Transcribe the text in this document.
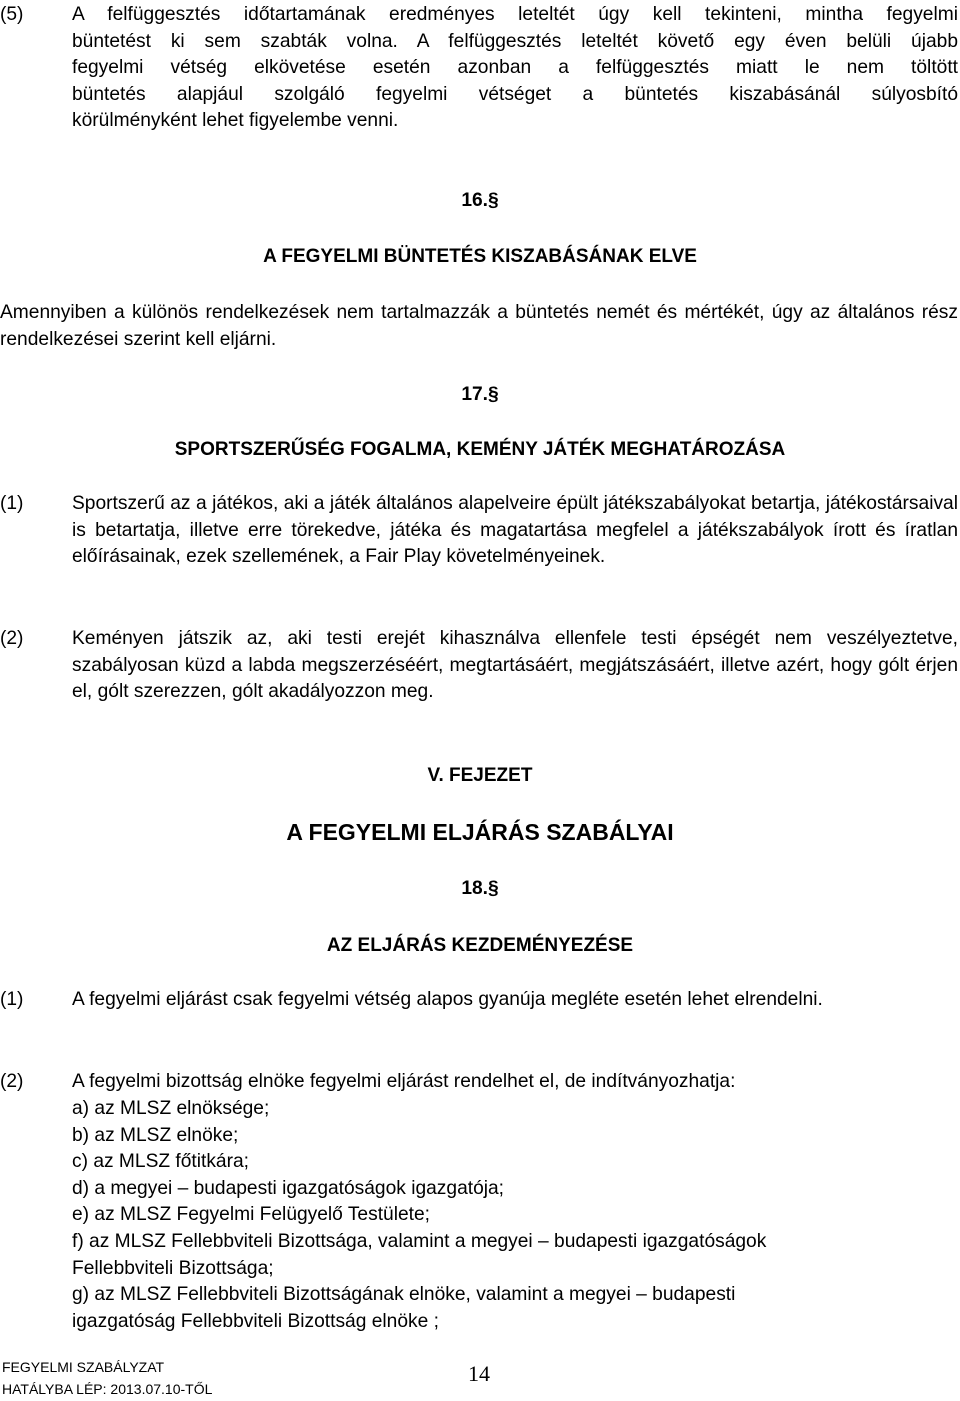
(5)	A felfüggesztés időtartamának eredményes leteltét úgy kell tekinteni, mintha fegyelmi
büntetést ki sem szabták volna. A felfüggesztés leteltét követő egy éven belüli újabb
fegyelmi vétség elkövetése esetén azonban a felfüggesztés miatt le nem töltött
büntetés alapjául szolgáló fegyelmi vétséget a büntetés kiszabásánál súlyosbító
körülményként lehet figyelembe venni.
16.§
A FEGYELMI BÜNTETÉS KISZABÁSÁNAK ELVE
Amennyiben a különös rendelkezések nem tartalmazzák a büntetés nemét és mértékét, úgy az általános rész rendelkezései szerint kell eljárni.
17.§
SPORTSZERŰSÉG FOGALMA, KEMÉNY JÁTÉK MEGHATÁROZÁSA
(1)	Sportszerű az a játékos, aki a játék általános alapelveire épült játékszabályokat betartja, játékostársaival is betartatja, illetve erre törekedve, játéka és magatartása megfelel a játékszabályok írott és íratlan előírásainak, ezek szellemének, a Fair Play követelményeinek.
(2)	Keményen játszik az, aki testi erejét kihasználva ellenfele testi épségét nem veszélyeztetve, szabályosan küzd a labda megszerzéséért, megtartásáért, megjátszásáért, illetve azért, hogy gólt érjen el, gólt szerezzen, gólt akadályozzon meg.
V. FEJEZET
A FEGYELMI ELJÁRÁS SZABÁLYAI
18.§
AZ ELJÁRÁS KEZDEMÉNYEZÉSE
(1)	A fegyelmi eljárást csak fegyelmi vétség alapos gyanúja megléte esetén lehet elrendelni.
(2)	A fegyelmi bizottság elnöke fegyelmi eljárást rendelhet el, de indítványozhatja:
a) az MLSZ elnöksége;
b) az MLSZ elnöke;
c) az MLSZ főtitkára;
d) a megyei – budapesti igazgatóságok igazgatója;
e) az MLSZ Fegyelmi Felügyelő Testülete;
f) az MLSZ Fellebbviteli Bizottsága, valamint a megyei – budapesti igazgatóságok
Fellebbviteli Bizottsága;
g) az MLSZ Fellebbviteli Bizottságának elnöke, valamint a megyei – budapesti
igazgatóság Fellebbviteli Bizottság elnöke ;
FEGYELMI SZABÁLYZAT
HATÁLYBA LÉP: 2013.07.10-TŐL
14
